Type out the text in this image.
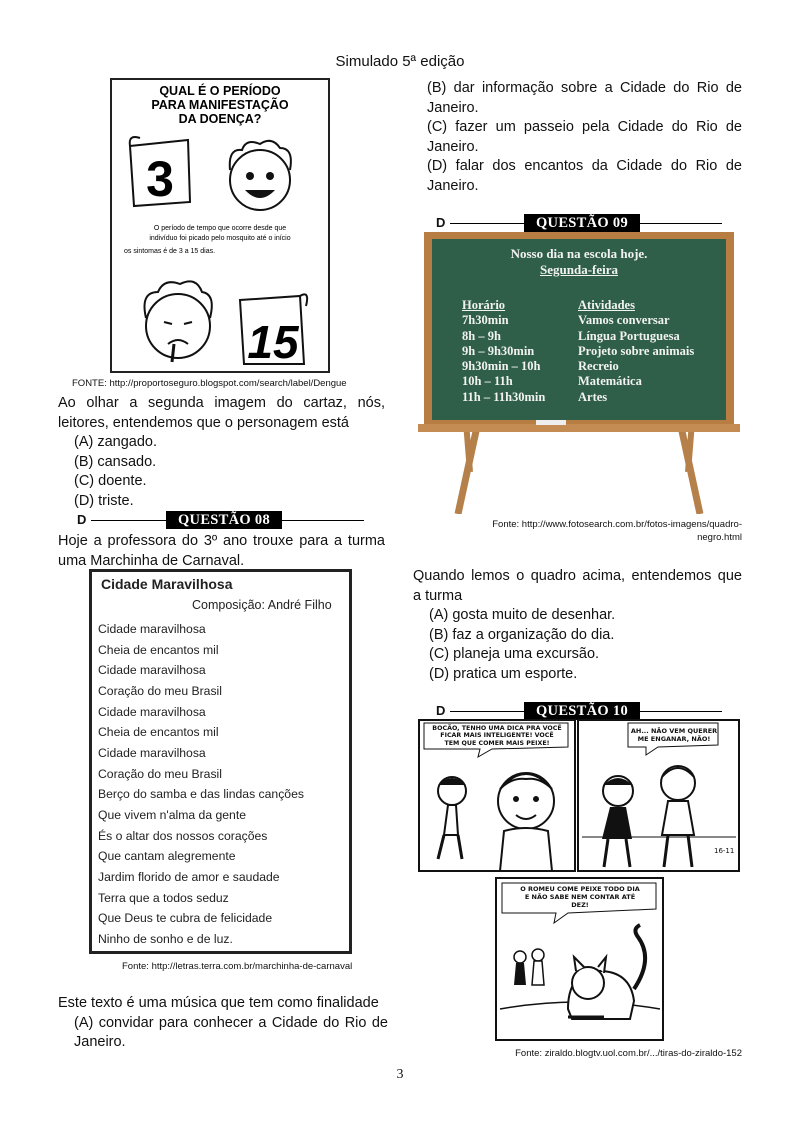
Simulado 5ª edição
QUAL É O PERÍODO
PARA MANIFESTAÇÃO
DA DOENÇA?
3
O período de tempo que ocorre desde que
indivíduo foi picado pelo mosquito até o início
os sintomas é de 3 a 15 dias.
15
FONTE: http://proportoseguro.blogspot.com/search/label/Dengue
Ao olhar a segunda imagem do cartaz, nós,
leitores, entendemos que o personagem está
(A) zangado.
(B) cansado.
(C) doente.
(D) triste.
D	QUESTÃO 08
Hoje a professora do 3º ano trouxe para a turma
uma Marchinha de Carnaval.
Cidade Maravilhosa
Composição: André Filho
Cidade maravilhosa
Cheia de encantos mil
Cidade maravilhosa
Coração do meu Brasil
Cidade maravilhosa
Cheia de encantos mil
Cidade maravilhosa
Coração do meu Brasil
Berço do samba e das lindas canções
Que vivem n'alma da gente
És o altar dos nossos corações
Que cantam alegremente
Jardim florido de amor e saudade
Terra que a todos seduz
Que Deus te cubra de felicidade
Ninho de sonho e de luz.
Fonte: http://letras.terra.com.br/marchinha-de-carnaval
Este texto é uma música que tem como finalidade
(A) convidar para conhecer a Cidade do Rio de
Janeiro.
(B) dar informação sobre a Cidade do Rio de
Janeiro.
(C) fazer um passeio pela Cidade do Rio de
Janeiro.
(D) falar dos encantos da Cidade do Rio de
Janeiro.
D	QUESTÃO 09
Nosso dia na escola hoje.
Segunda-feira
Horário	Atividades
7h30min	Vamos conversar
8h – 9h	Língua Portuguesa
9h – 9h30min	Projeto sobre animais
9h30min – 10h	Recreio
10h – 11h	Matemática
11h – 11h30min	Artes
Fonte: http://www.fotosearch.com.br/fotos-imagens/quadro-
negro.html
Quando lemos o quadro acima, entendemos que
a turma
(A) gosta muito de desenhar.
(B) faz a organização do dia.
(C) planeja uma excursão.
(D) pratica um esporte.
D	QUESTÃO 10
BOCÃO, TENHO UMA DICA PRA VOCÊ
FICAR MAIS INTELIGENTE! VOCÊ
TEM QUE COMER MAIS PEIXE!
AH... NÃO VEM QUERER
ME ENGANAR, NÃO!
16-11
O ROMEU COME PEIXE TODO DIA
E NÃO SABE NEM CONTAR ATÉ
DEZ!
Fonte: ziraldo.blogtv.uol.com.br/.../tiras-do-ziraldo-152
3
